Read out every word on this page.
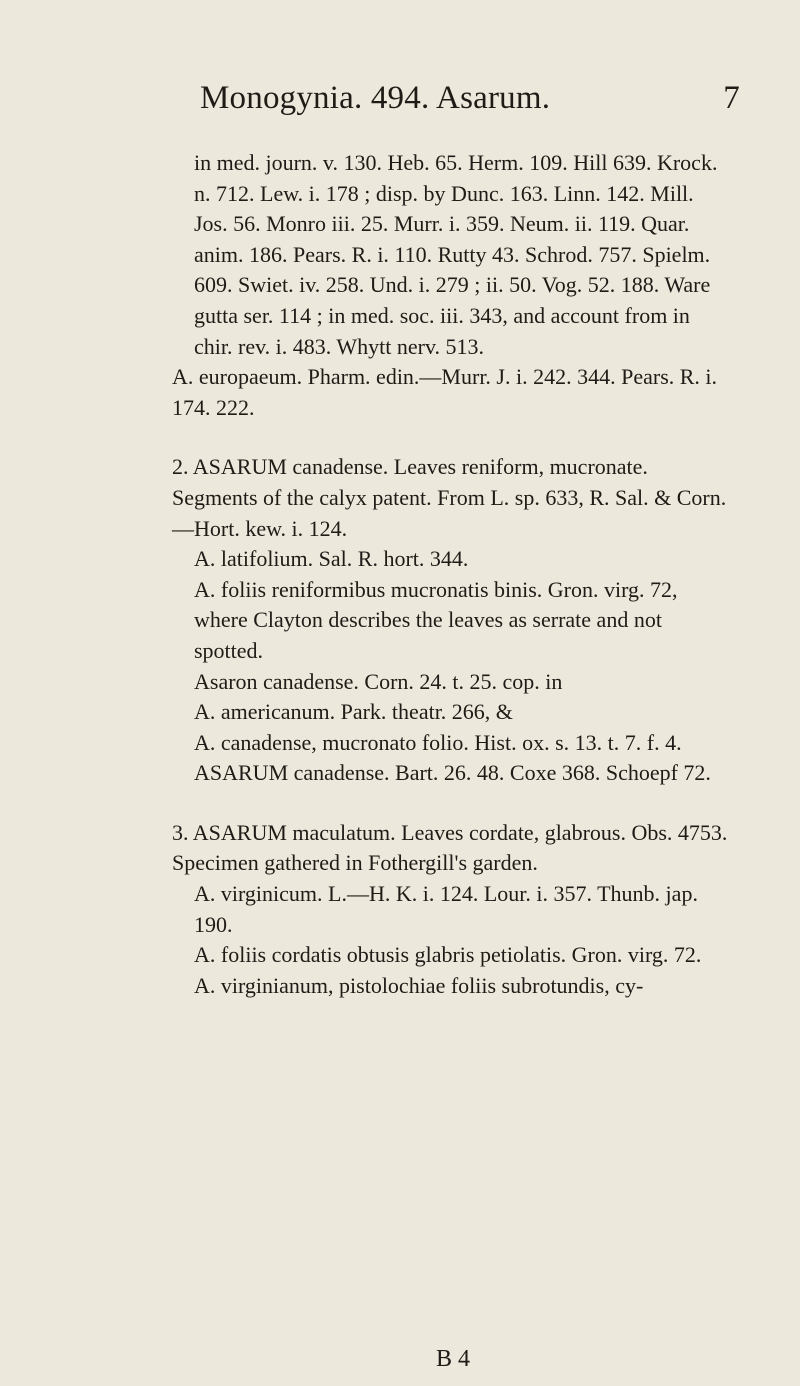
Monogynia. 494. Asarum.	7

in med. journ. v. 130. Heb. 65. Herm. 109. Hill 639. Krock. n. 712. Lew. i. 178 ; disp. by Dunc. 163. Linn. 142. Mill. Jos. 56. Monro iii. 25. Murr. i. 359. Neum. ii. 119. Quar. anim. 186. Pears. R. i. 110. Rutty 43. Schrod. 757. Spielm. 609. Swiet. iv. 258. Und. i. 279 ; ii. 50. Vog. 52. 188. Ware gutta ser. 114 ; in med. soc. iii. 343, and account from in chir. rev. i. 483. Whytt nerv. 513.

A. europaeum. Pharm. edin.—Murr. J. i. 242. 344. Pears. R. i. 174. 222.

2. ASARUM canadense. Leaves reniform, mucronate. Segments of the calyx patent. From L. sp. 633, R. Sal. & Corn.—Hort. kew. i. 124.

A. latifolium. Sal. R. hort. 344.

A. foliis reniformibus mucronatis binis. Gron. virg. 72, where Clayton describes the leaves as serrate and not spotted.

Asaron canadense. Corn. 24. t. 25. cop. in

A. americanum. Park. theatr. 266, &

A. canadense, mucronato folio. Hist. ox. s. 13. t. 7. f. 4.

ASARUM canadense. Bart. 26. 48. Coxe 368. Schoepf 72.

3. ASARUM maculatum. Leaves cordate, glabrous. Obs. 4753. Specimen gathered in Fothergill's garden.

A. virginicum. L.—H. K. i. 124. Lour. i. 357. Thunb. jap. 190.

A. foliis cordatis obtusis glabris petiolatis. Gron. virg. 72.

A. virginianum, pistolochiae foliis subrotundis, cy-

B 4
